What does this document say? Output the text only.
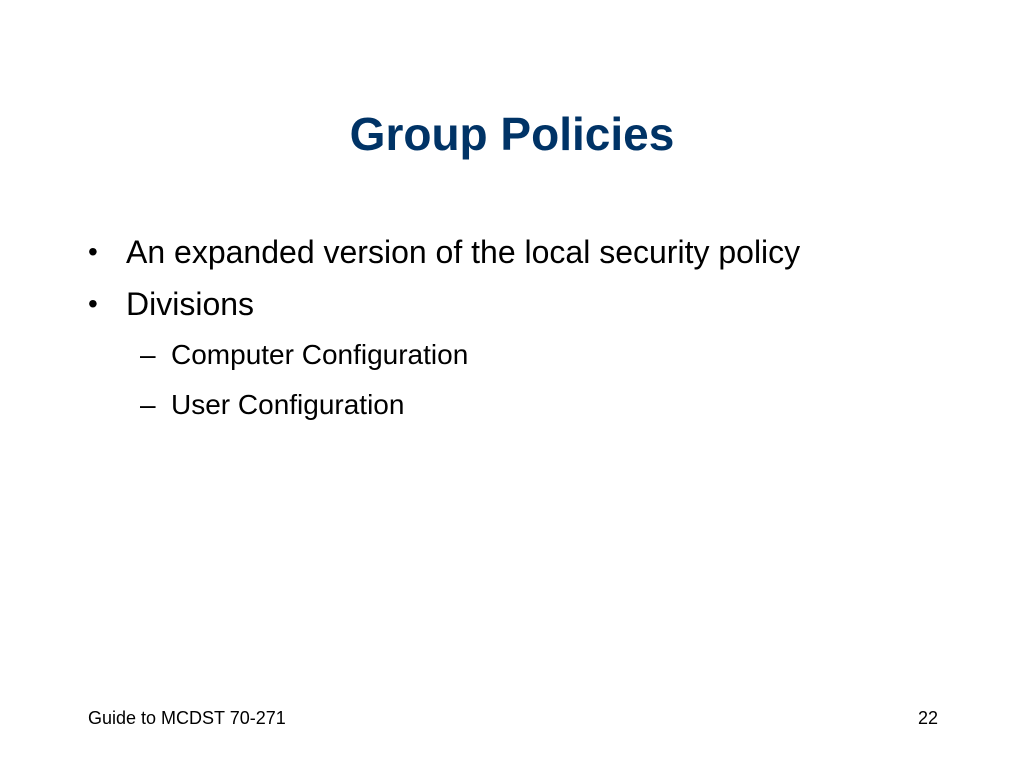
Group Policies
• An expanded version of the local security policy
• Divisions
– Computer Configuration
– User Configuration
Guide to MCDST 70-271	22
